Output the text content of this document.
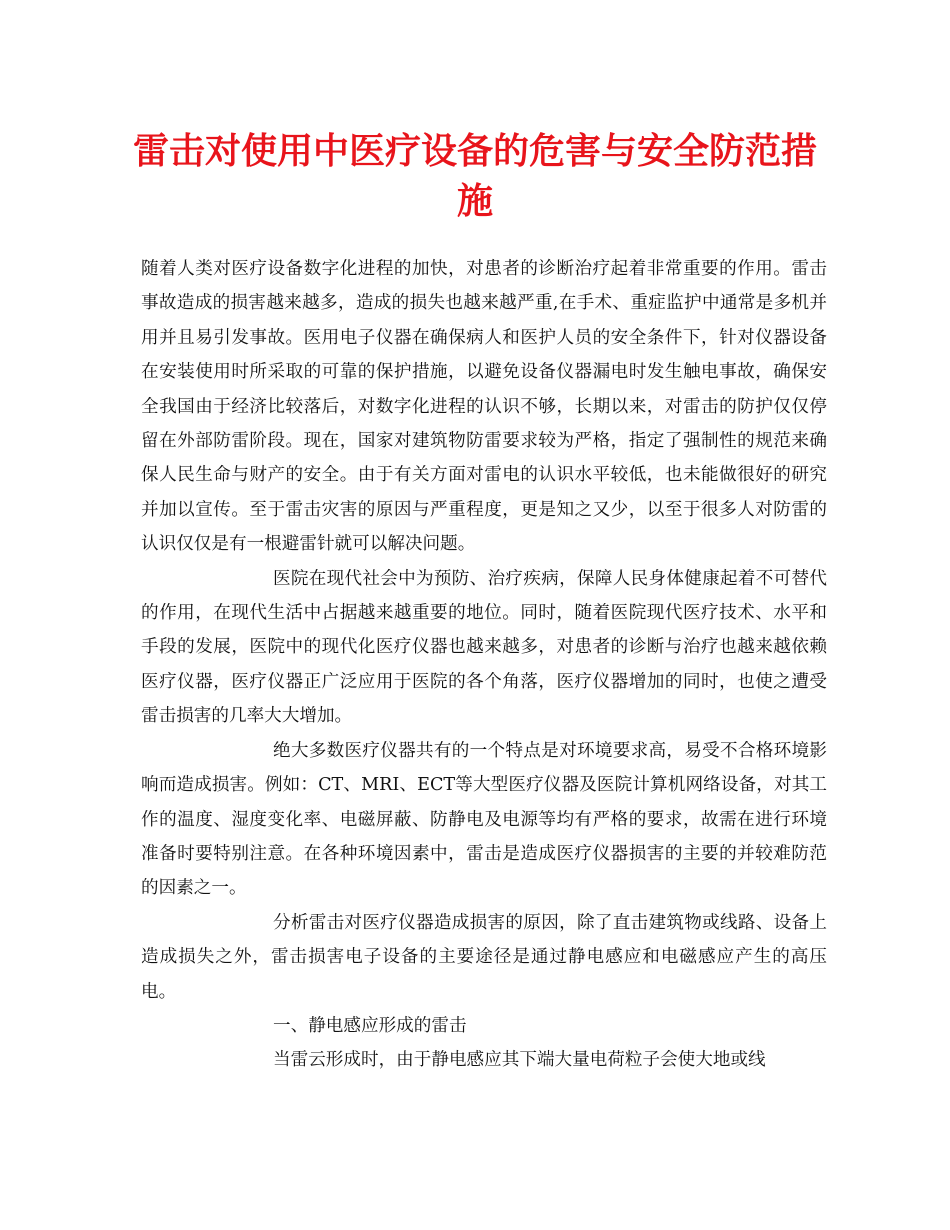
雷击对使用中医疗设备的危害与安全防范措施

随着人类对医疗设备数字化进程的加快，对患者的诊断治疗起着非常重要的作用。雷击事故造成的损害越来越多，造成的损失也越来越严重,在手术、重症监护中通常是多机并用并且易引发事故。医用电子仪器在确保病人和医护人员的安全条件下，针对仪器设备在安装使用时所采取的可靠的保护措施，以避免设备仪器漏电时发生触电事故，确保安全我国由于经济比较落后，对数字化进程的认识不够，长期以来，对雷击的防护仅仅停留在外部防雷阶段。现在，国家对建筑物防雷要求较为严格，指定了强制性的规范来确保人民生命与财产的安全。由于有关方面对雷电的认识水平较低，也未能做很好的研究并加以宣传。至于雷击灾害的原因与严重程度，更是知之又少，以至于很多人对防雷的认识仅仅是有一根避雷针就可以解决问题。

医院在现代社会中为预防、治疗疾病，保障人民身体健康起着不可替代的作用，在现代生活中占据越来越重要的地位。同时，随着医院现代医疗技术、水平和手段的发展，医院中的现代化医疗仪器也越来越多，对患者的诊断与治疗也越来越依赖医疗仪器，医疗仪器正广泛应用于医院的各个角落，医疗仪器增加的同时，也使之遭受雷击损害的几率大大增加。

绝大多数医疗仪器共有的一个特点是对环境要求高，易受不合格环境影响而造成损害。例如：CT、MRI、ECT等大型医疗仪器及医院计算机网络设备，对其工作的温度、湿度变化率、电磁屏蔽、防静电及电源等均有严格的要求，故需在进行环境准备时要特别注意。在各种环境因素中，雷击是造成医疗仪器损害的主要的并较难防范的因素之一。

分析雷击对医疗仪器造成损害的原因，除了直击建筑物或线路、设备上造成损失之外，雷击损害电子设备的主要途径是通过静电感应和电磁感应产生的高压电。

一、静电感应形成的雷击

当雷云形成时，由于静电感应其下端大量电荷粒子会使大地或线
